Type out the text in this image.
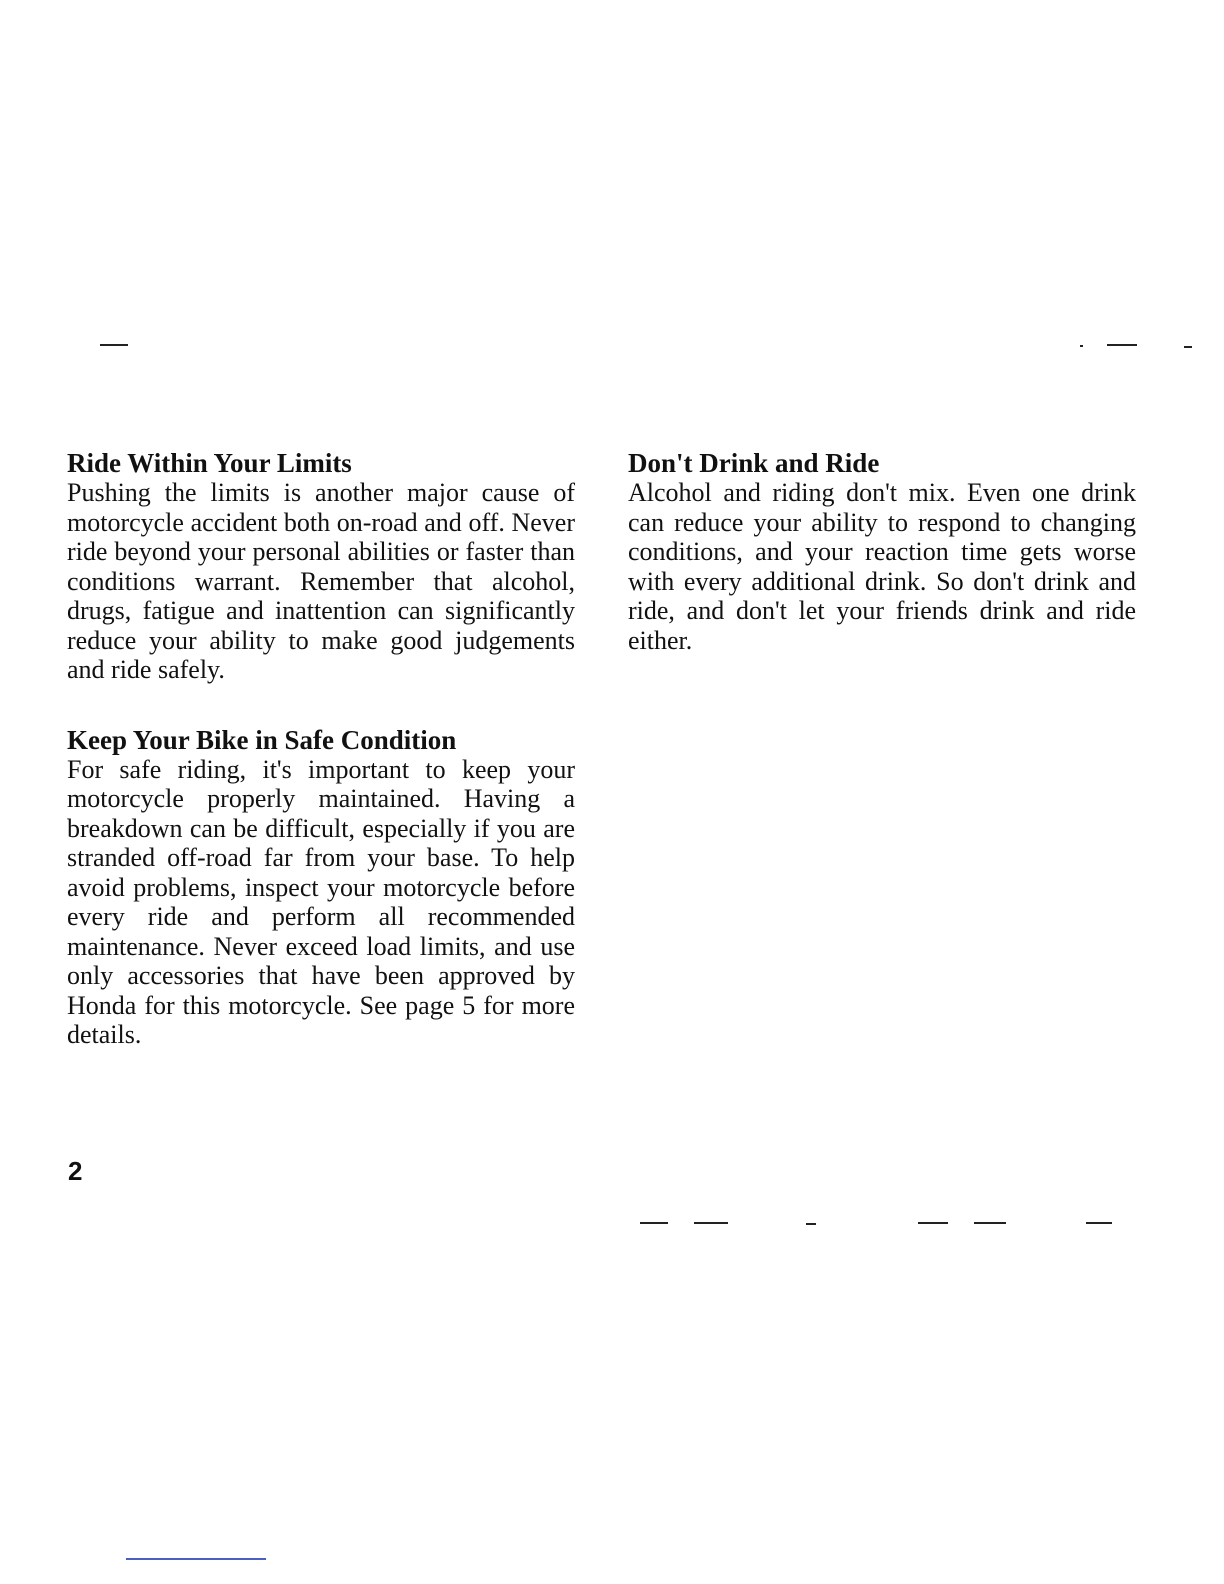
Ride Within Your Limits

Pushing the limits is another major cause of motorcycle accident both on-road and off. Never ride beyond your personal abilities or faster than conditions warrant. Remember that alcohol, drugs, fatigue and inattention can significantly reduce your ability to make good judgements and ride safely.

Keep Your Bike in Safe Condition

For safe riding, it's important to keep your motorcycle properly maintained. Having a breakdown can be difficult, especially if you are stranded off-road far from your base. To help avoid problems, inspect your motorcycle before every ride and perform all recommended maintenance. Never exceed load limits, and use only accessories that have been approved by Honda for this motorcycle. See page 5 for more details.

Don't Drink and Ride

Alcohol and riding don't mix. Even one drink can reduce your ability to respond to changing conditions, and your reaction time gets worse with every additional drink. So don't drink and ride, and don't let your friends drink and ride either.

2
